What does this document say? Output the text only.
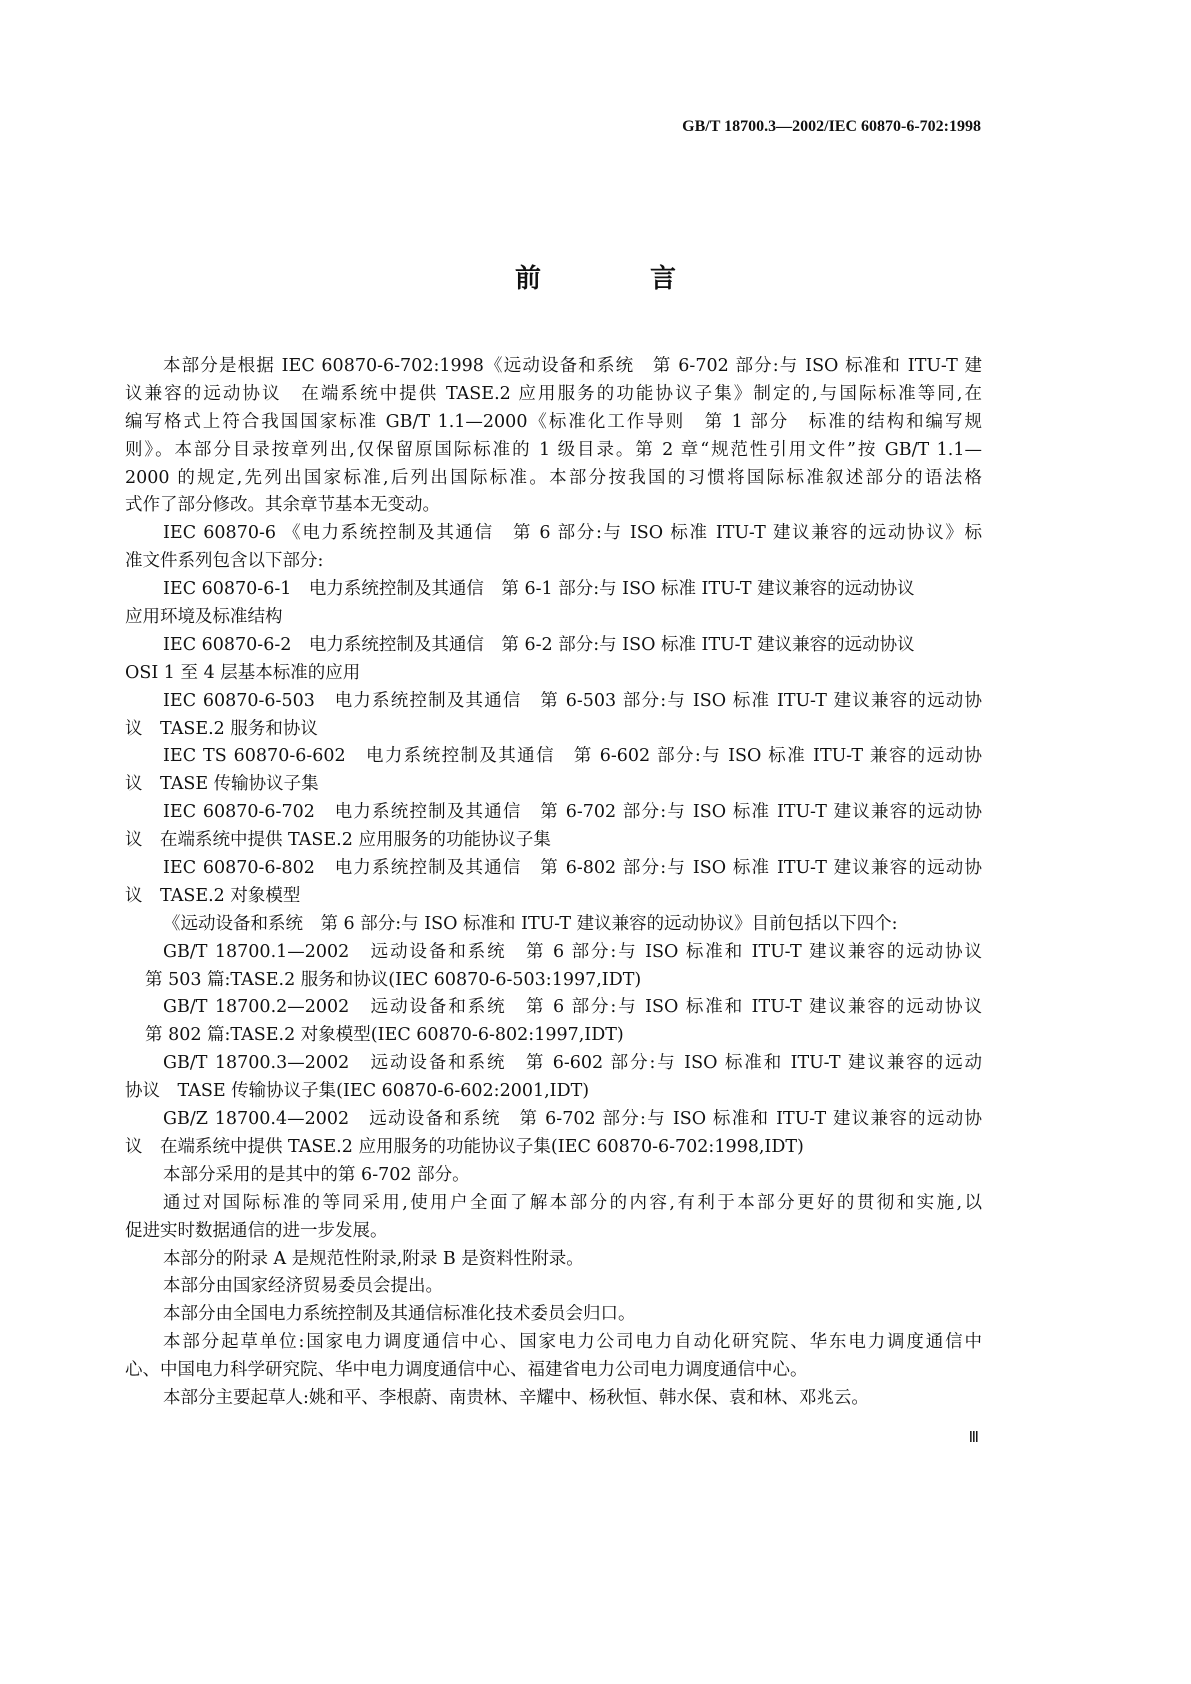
GB/T 18700.3—2002/IEC 60870-6-702:1998
前 言
本部分是根据 IEC 60870-6-702:1998《远动设备和系统　第 6-702 部分:与 ISO 标准和 ITU-T 建
议兼容的远动协议　在端系统中提供 TASE.2 应用服务的功能协议子集》制定的,与国际标准等同,在
编写格式上符合我国国家标准 GB/T 1.1—2000《标准化工作导则　第 1 部分　标准的结构和编写规
则》。本部分目录按章列出,仅保留原国际标准的 1 级目录。第 2 章“规范性引用文件”按 GB/T 1.1—
2000 的规定,先列出国家标准,后列出国际标准。本部分按我国的习惯将国际标准叙述部分的语法格
式作了部分修改。其余章节基本无变动。
IEC 60870-6 《电力系统控制及其通信　第 6 部分:与 ISO 标准 ITU-T 建议兼容的远动协议》标
准文件系列包含以下部分:
IEC 60870-6-1　电力系统控制及其通信　第 6-1 部分:与 ISO 标准 ITU-T 建议兼容的远动协议
应用环境及标准结构
IEC 60870-6-2　电力系统控制及其通信　第 6-2 部分:与 ISO 标准 ITU-T 建议兼容的远动协议
OSI 1 至 4 层基本标准的应用
IEC 60870-6-503　电力系统控制及其通信　第 6-503 部分:与 ISO 标准 ITU-T 建议兼容的远动协
议　TASE.2 服务和协议
IEC TS 60870-6-602　电力系统控制及其通信　第 6-602 部分:与 ISO 标准 ITU-T 兼容的远动协
议　TASE 传输协议子集
IEC 60870-6-702　电力系统控制及其通信　第 6-702 部分:与 ISO 标准 ITU-T 建议兼容的远动协
议　在端系统中提供 TASE.2 应用服务的功能协议子集
IEC 60870-6-802　电力系统控制及其通信　第 6-802 部分:与 ISO 标准 ITU-T 建议兼容的远动协
议　TASE.2 对象模型
《远动设备和系统　第 6 部分:与 ISO 标准和 ITU-T 建议兼容的远动协议》目前包括以下四个:
GB/T 18700.1—2002　远动设备和系统　第 6 部分:与 ISO 标准和 ITU-T 建议兼容的远动协议
第 503 篇:TASE.2 服务和协议(IEC 60870-6-503:1997,IDT)
GB/T 18700.2—2002　远动设备和系统　第 6 部分:与 ISO 标准和 ITU-T 建议兼容的远动协议
第 802 篇:TASE.2 对象模型(IEC 60870-6-802:1997,IDT)
GB/T 18700.3—2002　远动设备和系统　第 6-602 部分:与 ISO 标准和 ITU-T 建议兼容的远动
协议　TASE 传输协议子集(IEC 60870-6-602:2001,IDT)
GB/Z 18700.4—2002　远动设备和系统　第 6-702 部分:与 ISO 标准和 ITU-T 建议兼容的远动协
议　在端系统中提供 TASE.2 应用服务的功能协议子集(IEC 60870-6-702:1998,IDT)
本部分采用的是其中的第 6-702 部分。
通过对国际标准的等同采用,使用户全面了解本部分的内容,有利于本部分更好的贯彻和实施,以
促进实时数据通信的进一步发展。
本部分的附录 A 是规范性附录,附录 B 是资料性附录。
本部分由国家经济贸易委员会提出。
本部分由全国电力系统控制及其通信标准化技术委员会归口。
本部分起草单位:国家电力调度通信中心、国家电力公司电力自动化研究院、华东电力调度通信中
心、中国电力科学研究院、华中电力调度通信中心、福建省电力公司电力调度通信中心。
本部分主要起草人:姚和平、李根蔚、南贵林、辛耀中、杨秋恒、韩水保、袁和林、邓兆云。
Ⅲ
